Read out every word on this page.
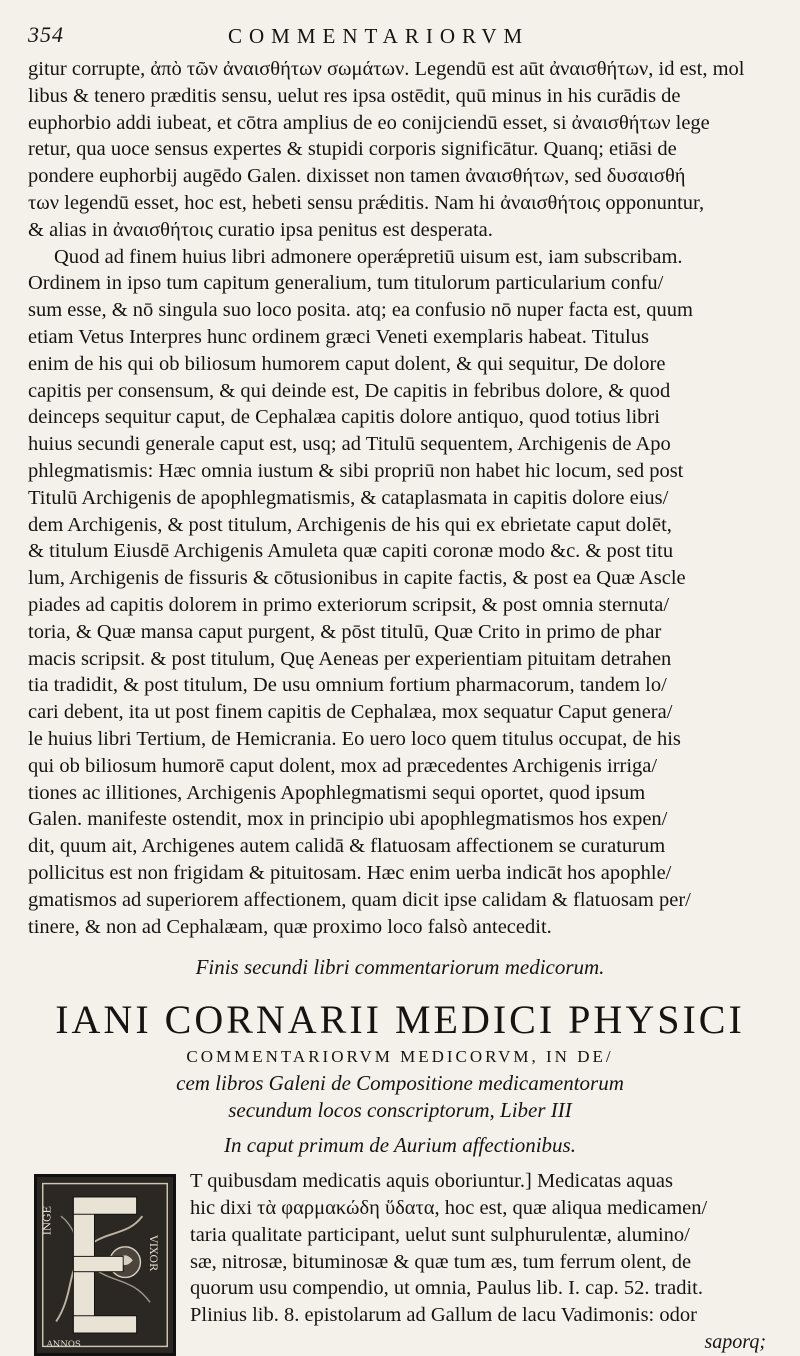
354	COMMENTARIORVM
gitur corrupte, ἀπὸ τῶν ἀναισθήτων σωμάτων. Legendū est aūt ἀναισθήτων, id est, mol
libus & tenero præditis sensu, uelut res ipsa ostēdit, quū minus in his curādis de
euphorbio addi iubeat, et cōtra amplius de eo conijciendū esset, si ἀναισθήτων lege
retur, qua uoce sensus expertes & stupidi corporis significātur. Quanq; etiāsi de
pondere euphorbij augēdo Galen. dixisset non tamen ἀναισθήτων, sed δυσαισθή
των legendū esset, hoc est, hebeti sensu prǽditis. Nam hi ἀναισθήτοις opponuntur,
& alias in ἀναισθήτοις curatio ipsa penitus est desperata.
Quod ad finem huius libri admonere operǽpretiū uisum est, iam subscribam.
Ordinem in ipso tum capitum generalium, tum titulorum particularium confu/
sum esse, & nō singula suo loco posita. atq; ea confusio nō nuper facta est, quum
etiam Vetus Interpres hunc ordinem græci Veneti exemplaris habeat. Titulus
enim de his qui ob biliosum humorem caput dolent, & qui sequitur, De dolore
capitis per consensum, & qui deinde est, De capitis in febribus dolore, & quod
deinceps sequitur caput, de Cephalæa capitis dolore antiquo, quod totius libri
huius secundi generale caput est, usq; ad Titulū sequentem, Archigenis de Apo
phlegmatismis: Hæc omnia iustum & sibi propriū non habet hic locum, sed post
Titulū Archigenis de apophlegmatismis, & cataplasmata in capitis dolore eius/
dem Archigenis, & post titulum, Archigenis de his qui ex ebrietate caput dolēt,
& titulum Eiusdē Archigenis Amuleta quæ capiti coronæ modo &c. & post titu
lum, Archigenis de fissuris & cōtusionibus in capite factis, & post ea Quæ Ascle
piades ad capitis dolorem in primo exteriorum scripsit, & post omnia sternuta/
toria, & Quæ mansa caput purgent, & pōst titulū, Quæ Crito in primo de phar
macis scripsit. & post titulum, Quę Aeneas per experientiam pituitam detrahen
tia tradidit, & post titulum, De usu omnium fortium pharmacorum, tandem lo/
cari debent, ita ut post finem capitis de Cephalæa, mox sequatur Caput genera/
le huius libri Tertium, de Hemicrania. Eo uero loco quem titulus occupat, de his
qui ob biliosum humorē caput dolent, mox ad præcedentes Archigenis irriga/
tiones ac illitiones, Archigenis Apophlegmatismi sequi oportet, quod ipsum
Galen. manifeste ostendit, mox in principio ubi apophlegmatismos hos expen/
dit, quum ait, Archigenes autem calidā & flatuosam affectionem se curaturum
pollicitus est non frigidam & pituitosam. Hæc enim uerba indicāt hos apophle/
gmatismos ad superiorem affectionem, quam dicit ipse calidam & flatuosam per/
tinere, & non ad Cephalæam, quæ proximo loco falsò antecedit.
Finis secundi libri commentariorum medicorum.
IANI CORNARII MEDICI PHYSICI
COMMENTARIORVM MEDICORVM, IN DE/
cem libros Galeni de Compositione medicamentorum
secundum locos conscriptorum, Liber III
In caput primum de Aurium affectionibus.
INGE
VIXOR
ANNOS
T quibusdam medicatis aquis oboriuntur.] Medicatas aquas
hic dixi τὰ φαρμακώδη ὕδατα, hoc est, quæ aliqua medicamen/
taria qualitate participant, uelut sunt sulphurulentæ, alumino/
sæ, nitrosæ, bituminosæ & quæ tum æs, tum ferrum olent, de
quorum usu compendio, ut omnia, Paulus lib. I. cap. 52. tradit.
Plinius lib. 8. epistolarum ad Gallum de lacu Vadimonis: odor
saporq;
